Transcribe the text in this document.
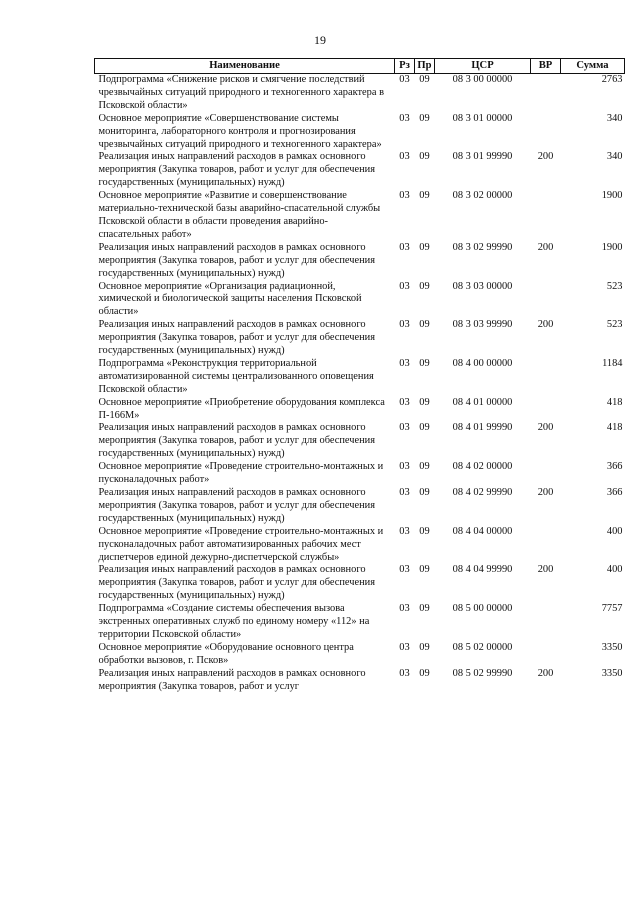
19
Наименование	Рз	Пр	ЦСР	ВР	Сумма
Подпрограмма «Снижение рисков и смягчение последствий чрезвычайных ситуаций природного и техногенного характера в Псковской области»	03	09	08 3 00 00000		2763
Основное мероприятие «Совершенствование системы мониторинга, лабораторного контроля и прогнозирования чрезвычайных ситуаций природного и техногенного характера»	03	09	08 3 01 00000		340
Реализация иных направлений расходов в рамках основного мероприятия (Закупка товаров, работ и услуг для обеспечения государственных (муниципальных) нужд)	03	09	08 3 01 99990	200	340
Основное мероприятие «Развитие и совершенствование материально-технической базы аварийно-спасательной службы Псковской области в области проведения аварийно-спасательных работ»	03	09	08 3 02 00000		1900
Реализация иных направлений расходов в рамках основного мероприятия (Закупка товаров, работ и услуг для обеспечения государственных (муниципальных) нужд)	03	09	08 3 02 99990	200	1900
Основное мероприятие «Организация радиационной, химической и биологической защиты населения Псковской области»	03	09	08 3 03 00000		523
Реализация иных направлений расходов в рамках основного мероприятия (Закупка товаров, работ и услуг для обеспечения государственных (муниципальных) нужд)	03	09	08 3 03 99990	200	523
Подпрограмма «Реконструкция территориальной автоматизированной системы централизованного оповещения Псковской области»	03	09	08 4 00 00000		1184
Основное мероприятие «Приобретение оборудования комплекса П-166М»	03	09	08 4 01 00000		418
Реализация иных направлений расходов в рамках основного мероприятия (Закупка товаров, работ и услуг для обеспечения государственных (муниципальных) нужд)	03	09	08 4 01 99990	200	418
Основное мероприятие «Проведение строительно-монтажных и пусконаладочных работ»	03	09	08 4 02 00000		366
Реализация иных направлений расходов в рамках основного мероприятия (Закупка товаров, работ и услуг для обеспечения государственных (муниципальных) нужд)	03	09	08 4 02 99990	200	366
Основное мероприятие «Проведение строительно-монтажных и пусконаладочных работ автоматизированных рабочих мест диспетчеров единой дежурно-диспетчерской службы»	03	09	08 4 04 00000		400
Реализация иных направлений расходов в рамках основного мероприятия (Закупка товаров, работ и услуг для обеспечения государственных (муниципальных) нужд)	03	09	08 4 04 99990	200	400
Подпрограмма «Создание системы обеспечения вызова экстренных оперативных служб по единому номеру «112» на территории Псковской области»	03	09	08 5 00 00000		7757
Основное мероприятие «Оборудование основного центра обработки вызовов, г. Псков»	03	09	08 5 02 00000		3350
Реализация иных направлений расходов в рамках основного мероприятия (Закупка товаров, работ и услуг	03	09	08 5 02 99990	200	3350
